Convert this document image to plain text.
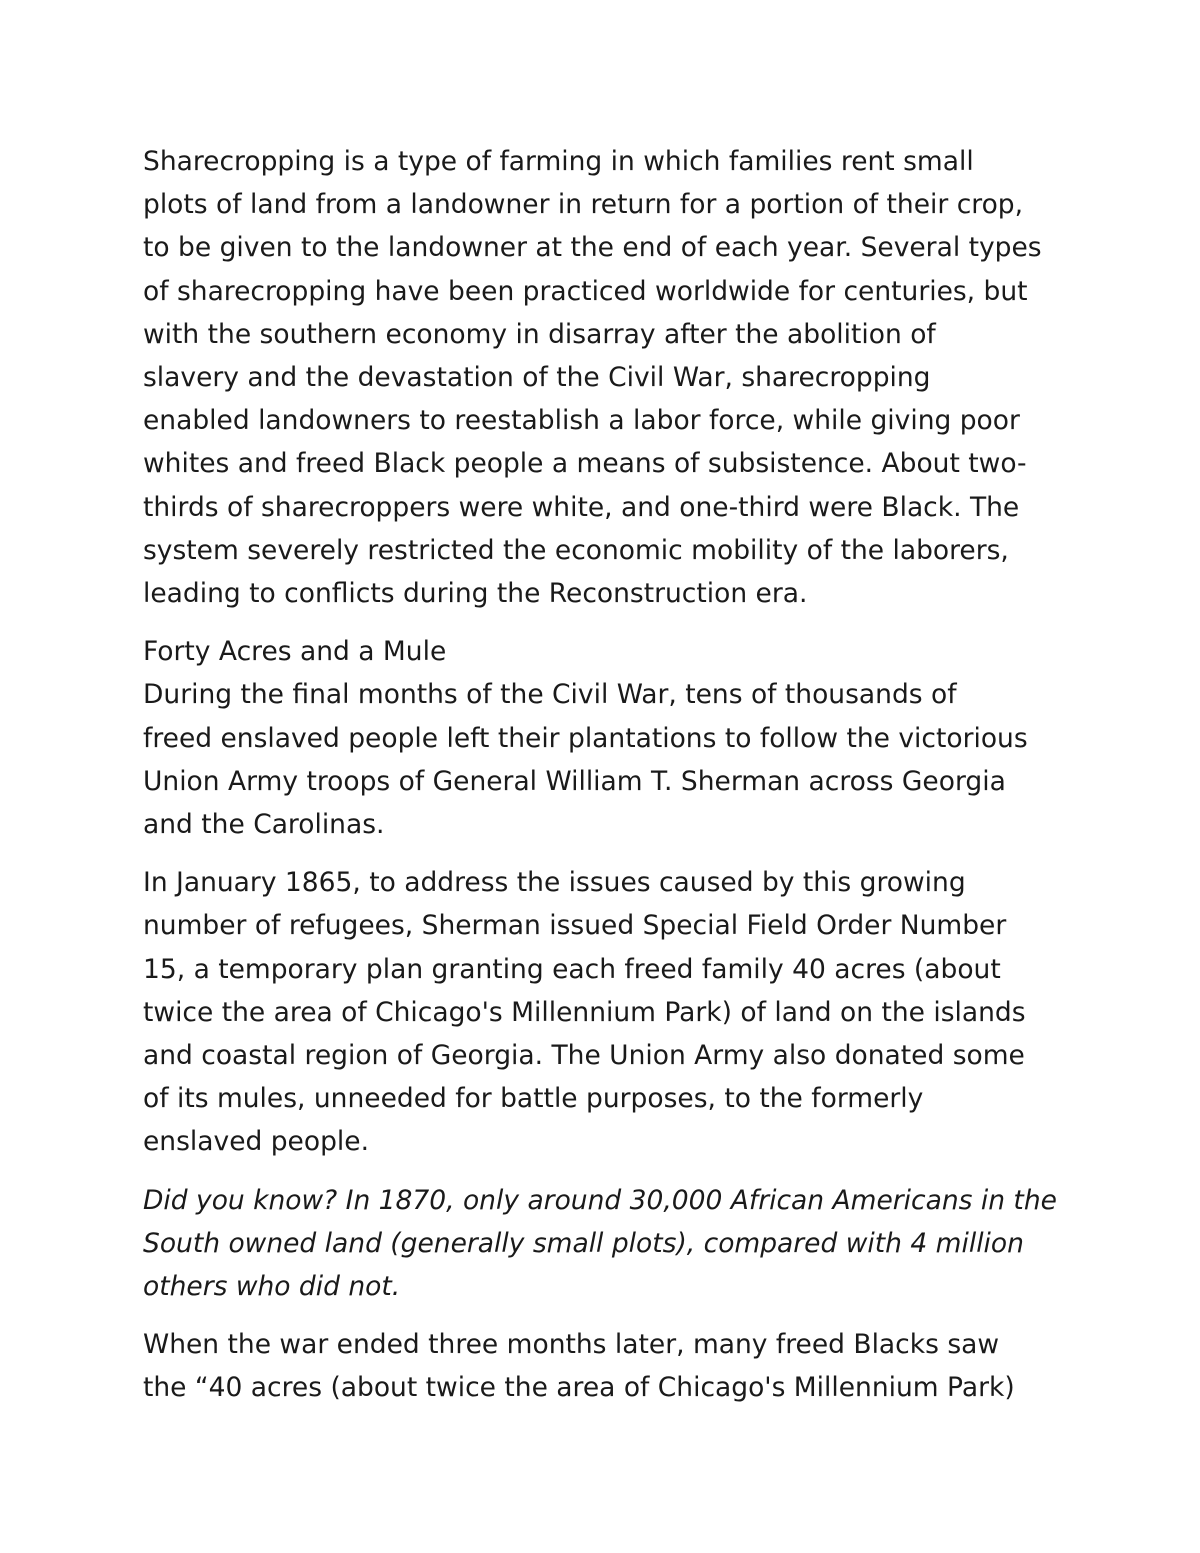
Sharecropping is a type of farming in which families rent small
plots of land from a landowner in return for a portion of their crop,
to be given to the landowner at the end of each year. Several types
of sharecropping have been practiced worldwide for centuries, but
with the southern economy in disarray after the abolition of
slavery and the devastation of the Civil War, sharecropping
enabled landowners to reestablish a labor force, while giving poor
whites and freed Black people a means of subsistence. About two-
thirds of sharecroppers were white, and one-third were Black. The
system severely restricted the economic mobility of the laborers,
leading to conflicts during the Reconstruction era.

Forty Acres and a Mule
During the final months of the Civil War, tens of thousands of
freed enslaved people left their plantations to follow the victorious
Union Army troops of General William T. Sherman across Georgia
and the Carolinas.

In January 1865, to address the issues caused by this growing
number of refugees, Sherman issued Special Field Order Number
15, a temporary plan granting each freed family 40 acres (about
twice the area of Chicago's Millennium Park) of land on the islands
and coastal region of Georgia. The Union Army also donated some
of its mules, unneeded for battle purposes, to the formerly
enslaved people.

Did you know? In 1870, only around 30,000 African Americans in the
South owned land (generally small plots), compared with 4 million
others who did not.

When the war ended three months later, many freed Blacks saw
the “40 acres (about twice the area of Chicago's Millennium Park)
